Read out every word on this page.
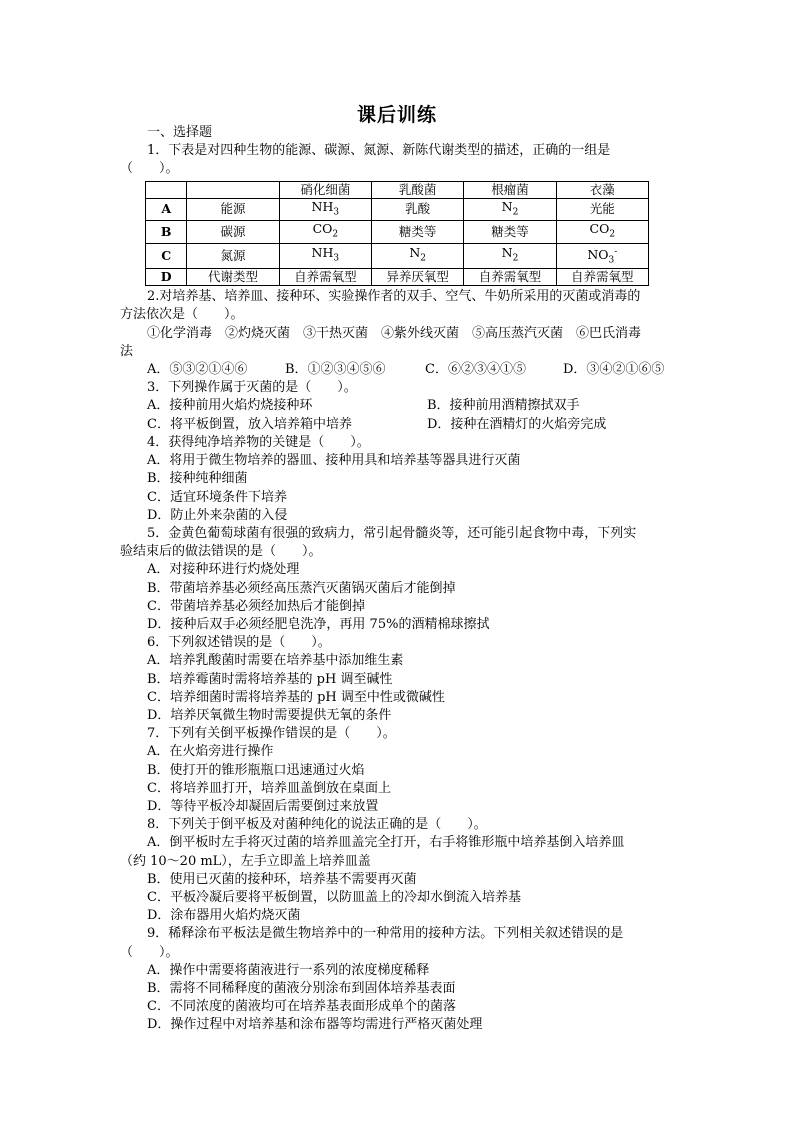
课后训练

一、选择题

1．下表是对四种生物的能源、碳源、氮源、新陈代谢类型的描述，正确的一组是

（　　）。

		硝化细菌	乳酸菌	根瘤菌	衣藻
A	能源	$NH_3$	乳酸	$N_2$	光能
B	碳源	$CO_2$	糖类等	糖类等	$CO_2$
C	氮源	$NH_3$	$N_2$	$N_2$	$NO_3^-$
D	代谢类型	自养需氧型	异养厌氧型	自养需氧型	自养需氧型

2.对培养基、培养皿、接种环、实验操作者的双手、空气、牛奶所采用的灭菌或消毒的

方法依次是（　　）。

①化学消毒　②灼烧灭菌　③干热灭菌　④紫外线灭菌　⑤高压蒸汽灭菌　⑥巴氏消毒

法

A．⑤③②①④⑥	B．①②③④⑤⑥	C．⑥②③④①⑤	D．③④②①⑥⑤

3．下列操作属于灭菌的是（　　）。

A．接种前用火焰灼烧接种环	B．接种前用酒精擦拭双手
C．将平板倒置，放入培养箱中培养	D．接种在酒精灯的火焰旁完成

4．获得纯净培养物的关键是（　　）。

A．将用于微生物培养的器皿、接种用具和培养基等器具进行灭菌

B．接种纯种细菌

C．适宜环境条件下培养

D．防止外来杂菌的入侵

5．金黄色葡萄球菌有很强的致病力，常引起骨髓炎等，还可能引起食物中毒，下列实

验结束后的做法错误的是（　　）。

A．对接种环进行灼烧处理

B．带菌培养基必须经高压蒸汽灭菌锅灭菌后才能倒掉

C．带菌培养基必须经加热后才能倒掉

D．接种后双手必须经肥皂洗净，再用 75%的酒精棉球擦拭

6．下列叙述错误的是（　　）。

A．培养乳酸菌时需要在培养基中添加维生素

B．培养霉菌时需将培养基的 pH 调至碱性

C．培养细菌时需将培养基的 pH 调至中性或微碱性

D．培养厌氧微生物时需要提供无氧的条件

7．下列有关倒平板操作错误的是（　　）。

A．在火焰旁进行操作

B．使打开的锥形瓶瓶口迅速通过火焰

C．将培养皿打开，培养皿盖倒放在桌面上

D．等待平板冷却凝固后需要倒过来放置

8．下列关于倒平板及对菌种纯化的说法正确的是（　　）。

A．倒平板时左手将灭过菌的培养皿盖完全打开，右手将锥形瓶中培养基倒入培养皿

（约 10～20 mL），左手立即盖上培养皿盖

B．使用已灭菌的接种环，培养基不需要再灭菌

C．平板冷凝后要将平板倒置，以防皿盖上的冷却水倒流入培养基

D．涂布器用火焰灼烧灭菌

9．稀释涂布平板法是微生物培养中的一种常用的接种方法。下列相关叙述错误的是

（　　）。

A．操作中需要将菌液进行一系列的浓度梯度稀释

B．需将不同稀释度的菌液分别涂布到固体培养基表面

C．不同浓度的菌液均可在培养基表面形成单个的菌落

D．操作过程中对培养基和涂布器等均需进行严格灭菌处理
